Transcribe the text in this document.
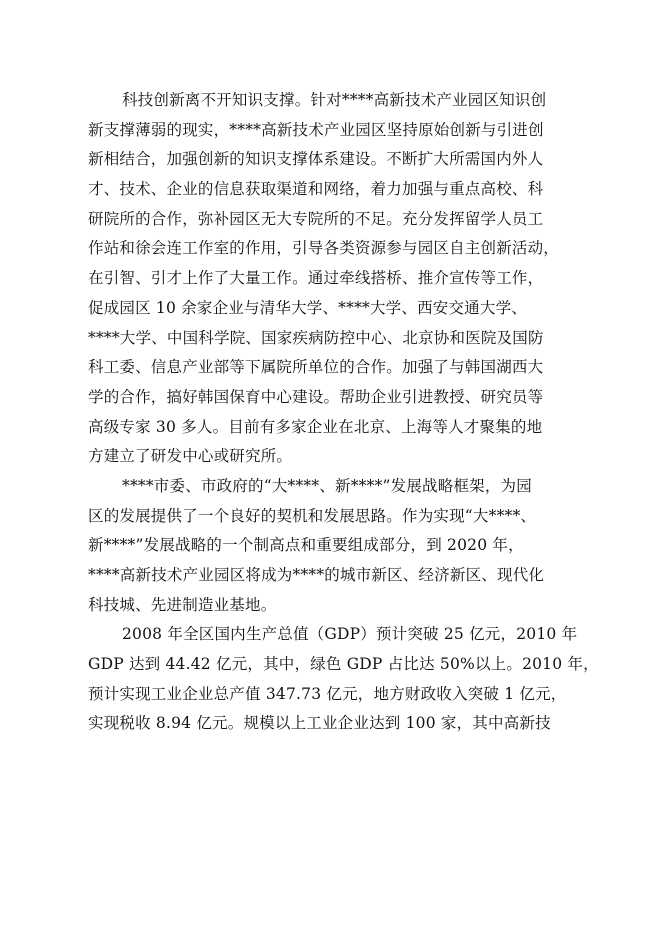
科技创新离不开知识支撑。针对****高新技术产业园区知识创
新支撑薄弱的现实，****高新技术产业园区坚持原始创新与引进创
新相结合，加强创新的知识支撑体系建设。不断扩大所需国内外人
才、技术、企业的信息获取渠道和网络，着力加强与重点高校、科
研院所的合作，弥补园区无大专院所的不足。充分发挥留学人员工
作站和徐会连工作室的作用，引导各类资源参与园区自主创新活动，
在引智、引才上作了大量工作。通过牵线搭桥、推介宣传等工作，
促成园区 10 余家企业与清华大学、****大学、西安交通大学、
****大学、中国科学院、国家疾病防控中心、北京协和医院及国防
科工委、信息产业部等下属院所单位的合作。加强了与韩国湖西大
学的合作，搞好韩国保育中心建设。帮助企业引进教授、研究员等
高级专家 30 多人。目前有多家企业在北京、上海等人才聚集的地
方建立了研发中心或研究所。
****市委、市政府的“大****、新****”发展战略框架，为园
区的发展提供了一个良好的契机和发展思路。作为实现“大****、
新****”发展战略的一个制高点和重要组成部分，到 2020 年，
****高新技术产业园区将成为****的城市新区、经济新区、现代化
科技城、先进制造业基地。
2008 年全区国内生产总值（GDP）预计突破 25 亿元，2010 年
GDP 达到 44.42 亿元，其中，绿色 GDP 占比达 50%以上。2010 年，
预计实现工业企业总产值 347.73 亿元，地方财政收入突破 1 亿元，
实现税收 8.94 亿元。规模以上工业企业达到 100 家，其中高新技
